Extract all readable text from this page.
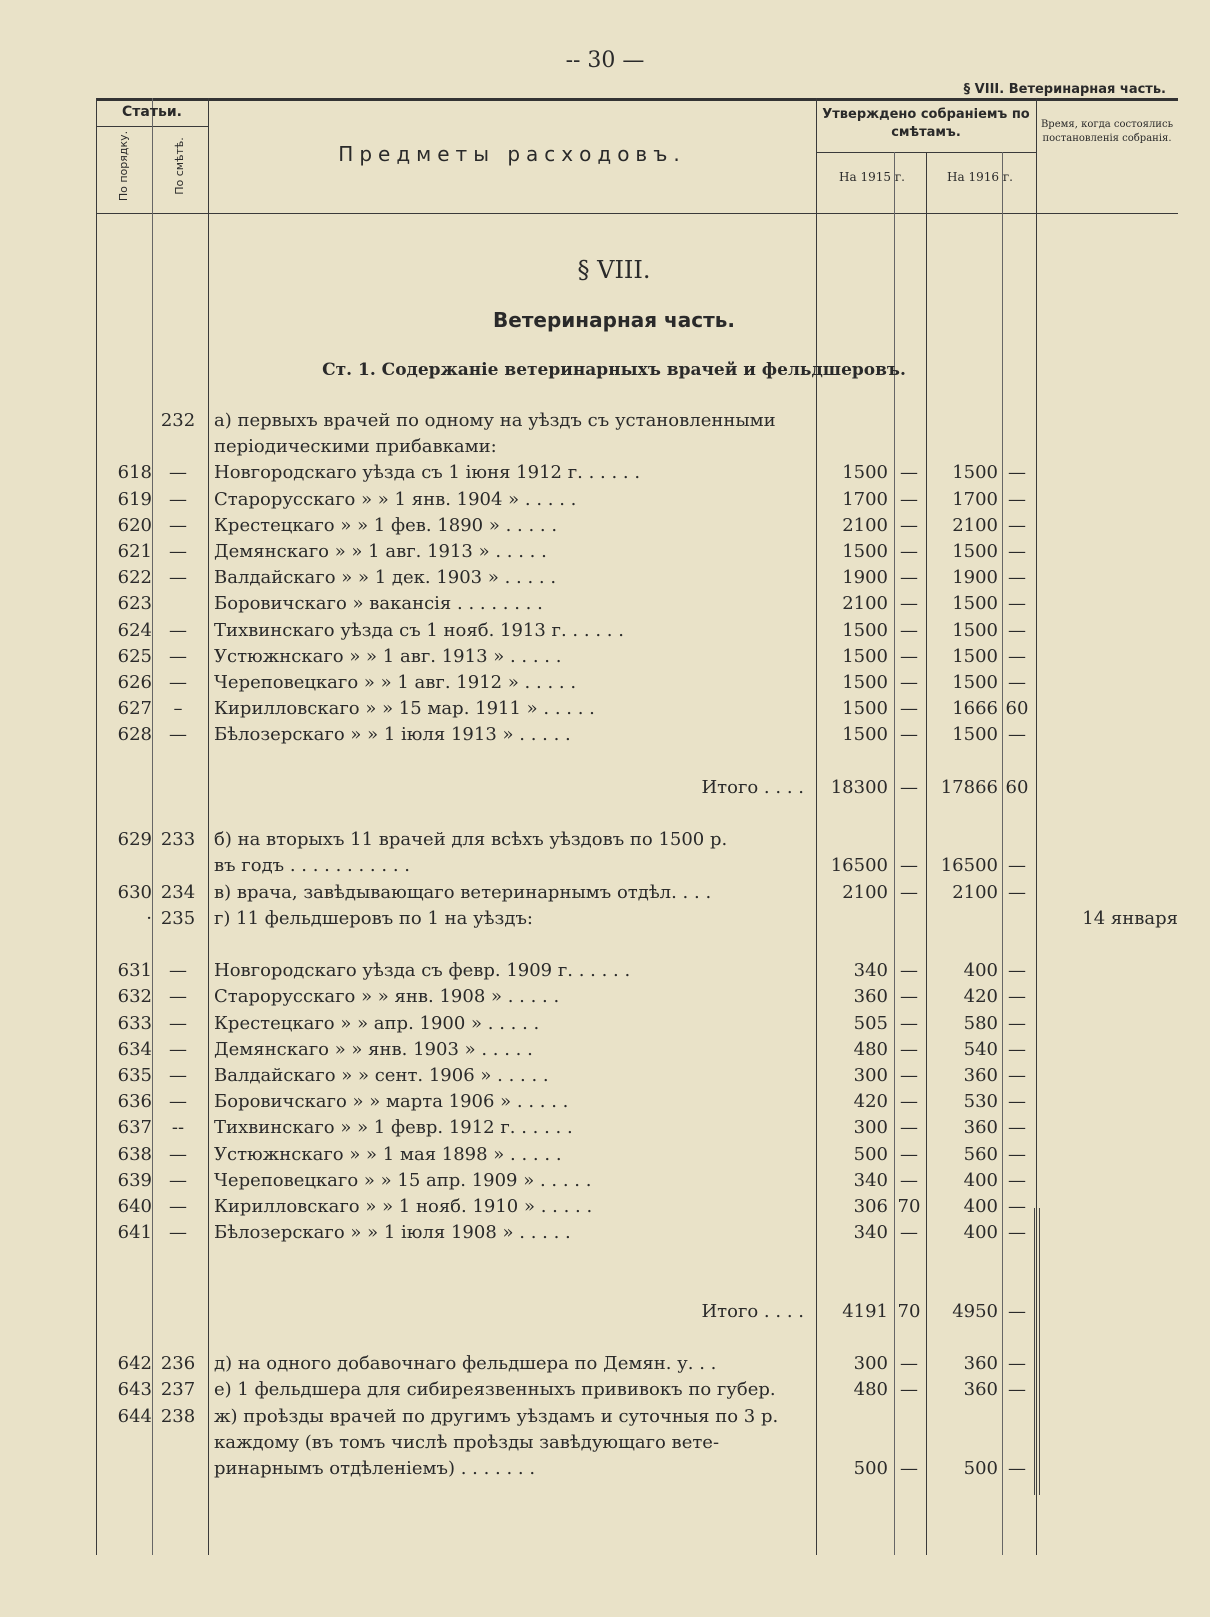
-- 30 —
§ VIII. Ветеринарная часть.
Статьи.
По порядку.	По смѣтѣ.	Предметы расходовъ.
Утверждено собраніемъ по смѣтамъ.
На 1915 г.	На 1916 г.
Время, когда состоялись постановленія собранія.
§ VIII.
Ветеринарная часть.
Ст. 1. Содержаніе ветеринарныхъ врачей и фельдшеровъ.
232	а) первыхъ врачей по одному на уѣздъ съ установленными
періодическими прибавками:
618 —	Новгородскаго уѣзда съ 1 іюня 1912 г. . . . . .	1500 —	1500 —
619 —	Старорусскаго » » 1 янв. 1904 » . . . . .	1700 —	1700 —
620 —	Крестецкаго » » 1 фев. 1890 » . . . . .	2100 —	2100 —
621 —	Демянскаго » » 1 авг. 1913 » . . . . .	1500 —	1500 —
622 —	Валдайскаго » » 1 дек. 1903 » . . . . .	1900 —	1900 —
623	Боровичскаго » вакансія . . . . . . . .	2100 —	1500 —
624 —	Тихвинскаго уѣзда съ 1 нояб. 1913 г. . . . . .	1500 —	1500 —
625 —	Устюжнскаго » » 1 авг. 1913 » . . . . .	1500 —	1500 —
626 —	Череповецкаго » » 1 авг. 1912 » . . . . .	1500 —	1500 —
627	–	Кирилловскаго » » 15 мар. 1911 » . . . . .	1500 —	1666 60
628 —	Бѣлозерскаго » » 1 іюля 1913 » . . . . .	1500 —	1500 —
Итого . . . .	18300 —	17866 60
629 233	б) на вторыхъ 11 врачей для всѣхъ уѣздовъ по 1500 р.
въ годъ . . . . . . . . . . .	16500 —	16500 —
630 234	в) врача, завѣдывающаго ветеринарнымъ отдѣл. . . .	2100 —	2100 —
· 235	г) 11 фельдшеровъ по 1 на уѣздъ:	14 января
631 —	Новгородскаго уѣзда съ февр. 1909 г. . . . . .	340 —	400 —
632 —	Старорусскаго » » янв. 1908 » . . . . .	360 —	420 —
633 —	Крестецкаго » » апр. 1900 » . . . . .	505 —	580 —
634 —	Демянскаго » » янв. 1903 » . . . . .	480 —	540 —
635 —	Валдайскаго » » сент. 1906 » . . . . .	300 —	360 —
636 —	Боровичскаго » » марта 1906 » . . . . .	420 —	530 —
637	--	Тихвинскаго » » 1 февр. 1912 г. . . . . .	300 —	360 —
638 —	Устюжнскаго » » 1 мая 1898 » . . . . .	500 —	560 —
639 —	Череповецкаго » » 15 апр. 1909 » . . . . .	340 —	400 —
640 —	Кирилловскаго » » 1 нояб. 1910 » . . . . .	306 70	400 —
641 —	Бѣлозерскаго » » 1 іюля 1908 » . . . . .	340 —	400 —
Итого . . . .	4191 70	4950 —
642 236	д) на одного добавочнаго фельдшера по Демян. у. . .	300 —	360 —
643 237	е) 1 фельдшера для сибиреязвенныхъ прививокъ по губер.	480 —	360 —
644 238	ж) проѣзды врачей по другимъ уѣздамъ и суточныя по 3 р.
каждому (въ томъ числѣ проѣзды завѣдующаго вете-
ринарнымъ отдѣленіемъ) . . . . . . .	500 —	500 —
